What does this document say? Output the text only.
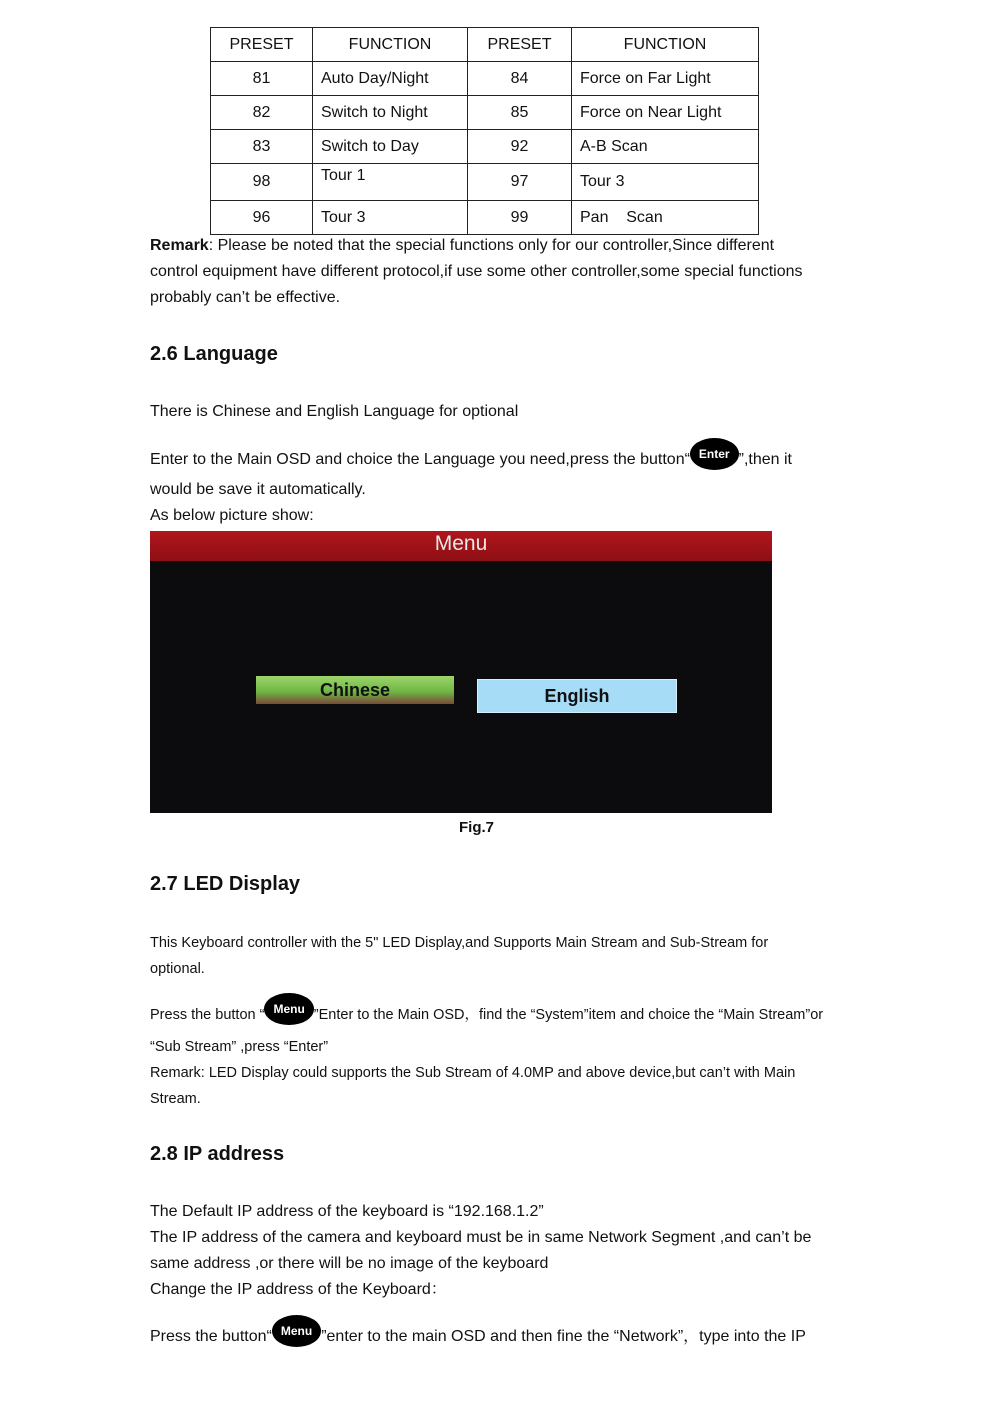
PRESET	FUNCTION	PRESET	FUNCTION
81	Auto Day/Night	84	Force on Far Light
82	Switch to Night	85	Force on Near Light
83	Switch to Day	92	A-B Scan
98	Tour 1	97	Tour 3
96	Tour 3	99	Pan    Scan
Remark: Please be noted that the special functions only for our controller,Since different
control equipment have different protocol,if use some other controller,some special functions
probably can’t be effective.
2.6 Language
There is Chinese and English Language for optional
Enter to the Main OSD and choice the Language you need,press the button“ Enter ”,then it
would be save it automatically.
As below picture show:
Menu
Chinese	English
Fig.7
2.7 LED Display
This Keyboard controller with the 5" LED Display,and Supports Main Stream and Sub-Stream for
optional.
Press the button “ Menu ”Enter to the Main OSD，find the “System”item and choice the “Main Stream”or
“Sub Stream” ,press “Enter”
Remark: LED Display could supports the Sub Stream of 4.0MP and above device,but can’t with Main
Stream.
2.8 IP address
The Default IP address of the keyboard is “192.168.1.2”
The IP address of the camera and keyboard must be in same Network Segment ,and can’t be
same address ,or there will be no image of the keyboard
Change the IP address of the Keyboard：
Press the button“ Menu ”enter to the main OSD and then fine the “Network”，type into the IP
